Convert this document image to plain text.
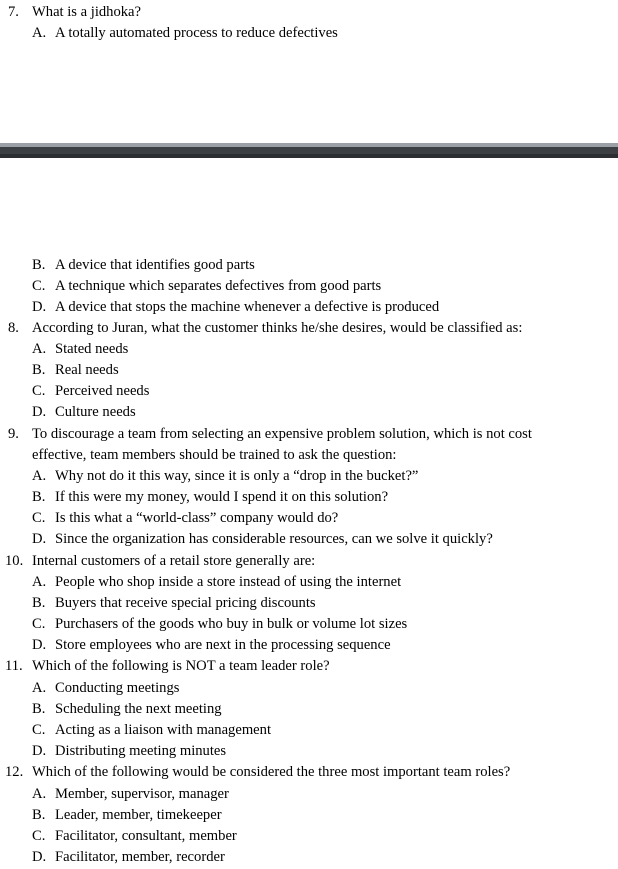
7. What is a jidhoka?
A. A totally automated process to reduce defectives
B. A device that identifies good parts
C. A technique which separates defectives from good parts
D. A device that stops the machine whenever a defective is produced
8. According to Juran, what the customer thinks he/she desires, would be classified as:
A. Stated needs
B. Real needs
C. Perceived needs
D. Culture needs
9. To discourage a team from selecting an expensive problem solution, which is not cost
effective, team members should be trained to ask the question:
A. Why not do it this way, since it is only a “drop in the bucket?”
B. If this were my money, would I spend it on this solution?
C. Is this what a “world-class” company would do?
D. Since the organization has considerable resources, can we solve it quickly?
10. Internal customers of a retail store generally are:
A. People who shop inside a store instead of using the internet
B. Buyers that receive special pricing discounts
C. Purchasers of the goods who buy in bulk or volume lot sizes
D. Store employees who are next in the processing sequence
11. Which of the following is NOT a team leader role?
A. Conducting meetings
B. Scheduling the next meeting
C. Acting as a liaison with management
D. Distributing meeting minutes
12. Which of the following would be considered the three most important team roles?
A. Member, supervisor, manager
B. Leader, member, timekeeper
C. Facilitator, consultant, member
D. Facilitator, member, recorder
